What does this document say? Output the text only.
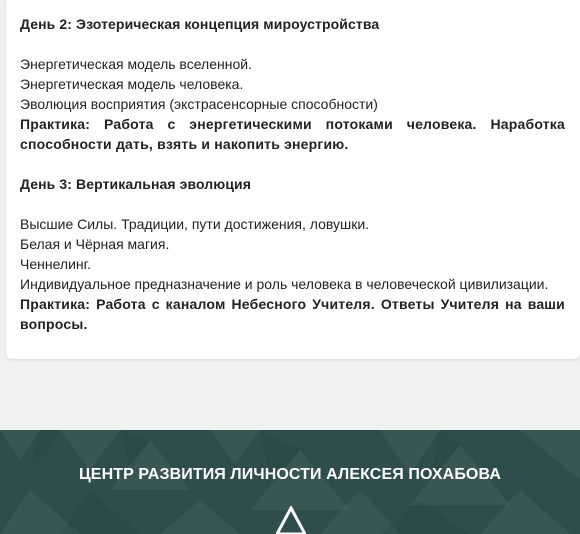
День 2: Эзотерическая концепция мироустройства
Энергетическая модель вселенной.
Энергетическая модель человека.
Эволюция восприятия (экстрасенсорные способности)
Практика: Работа с энергетическими потоками человека. Наработка способности дать, взять и накопить энергию.
День 3: Вертикальная эволюция
Высшие Силы. Традиции, пути достижения, ловушки.
Белая и Чёрная магия.
Ченнелинг.
Индивидуальное предназначение и роль человека в человеческой цивилизации.
Практика: Работа с каналом Небесного Учителя. Ответы Учителя на ваши вопросы.
ЦЕНТР РАЗВИТИЯ ЛИЧНОСТИ АЛЕКСЕЯ ПОХАБОВА
